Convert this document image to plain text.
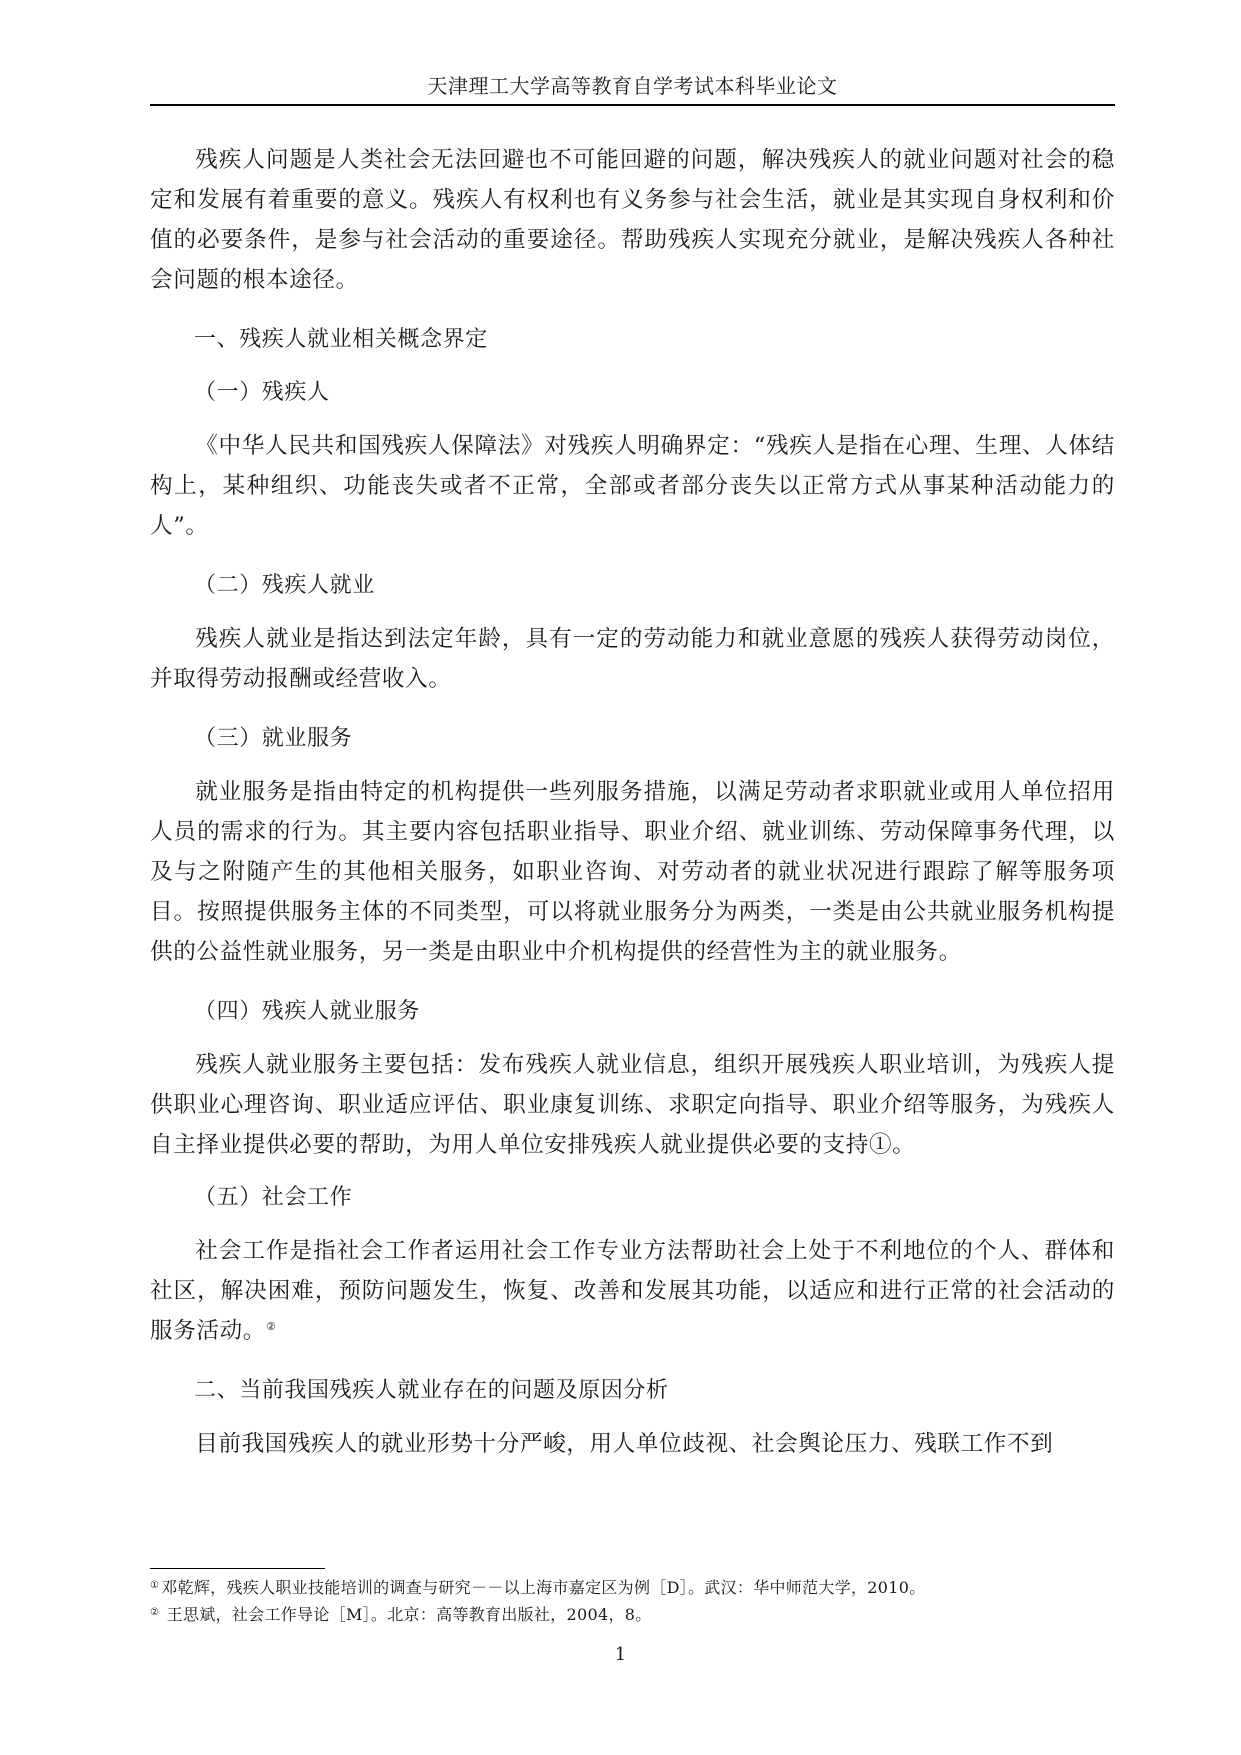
天津理工大学高等教育自学考试本科毕业论文

残疾人问题是人类社会无法回避也不可能回避的问题，解决残疾人的就业问题对社会的稳定和发展有着重要的意义。残疾人有权利也有义务参与社会生活，就业是其实现自身权利和价值的必要条件，是参与社会活动的重要途径。帮助残疾人实现充分就业，是解决残疾人各种社会问题的根本途径。

一、残疾人就业相关概念界定
（一）残疾人

《中华人民共和国残疾人保障法》对残疾人明确界定：“残疾人是指在心理、生理、人体结构上，某种组织、功能丧失或者不正常，全部或者部分丧失以正常方式从事某种活动能力的人”。

（二）残疾人就业

残疾人就业是指达到法定年龄，具有一定的劳动能力和就业意愿的残疾人获得劳动岗位，并取得劳动报酬或经营收入。

（三）就业服务

就业服务是指由特定的机构提供一些列服务措施，以满足劳动者求职就业或用人单位招用人员的需求的行为。其主要内容包括职业指导、职业介绍、就业训练、劳动保障事务代理，以及与之附随产生的其他相关服务，如职业咨询、对劳动者的就业状况进行跟踪了解等服务项目。按照提供服务主体的不同类型，可以将就业服务分为两类，一类是由公共就业服务机构提供的公益性就业服务，另一类是由职业中介机构提供的经营性为主的就业服务。

（四）残疾人就业服务

残疾人就业服务主要包括：发布残疾人就业信息，组织开展残疾人职业培训，为残疾人提供职业心理咨询、职业适应评估、职业康复训练、求职定向指导、职业介绍等服务，为残疾人自主择业提供必要的帮助，为用人单位安排残疾人就业提供必要的支持①。

（五）社会工作

社会工作是指社会工作者运用社会工作专业方法帮助社会上处于不利地位的个人、群体和社区，解决困难，预防问题发生，恢复、改善和发展其功能，以适应和进行正常的社会活动的服务活动。②

二、当前我国残疾人就业存在的问题及原因分析

目前我国残疾人的就业形势十分严峻，用人单位歧视、社会舆论压力、残联工作不到

① 邓乾辉，残疾人职业技能培训的调查与研究－－以上海市嘉定区为例［D］。武汉：华中师范大学，2010。
② 王思斌，社会工作导论［M］。北京：高等教育出版社，2004，8。
1
